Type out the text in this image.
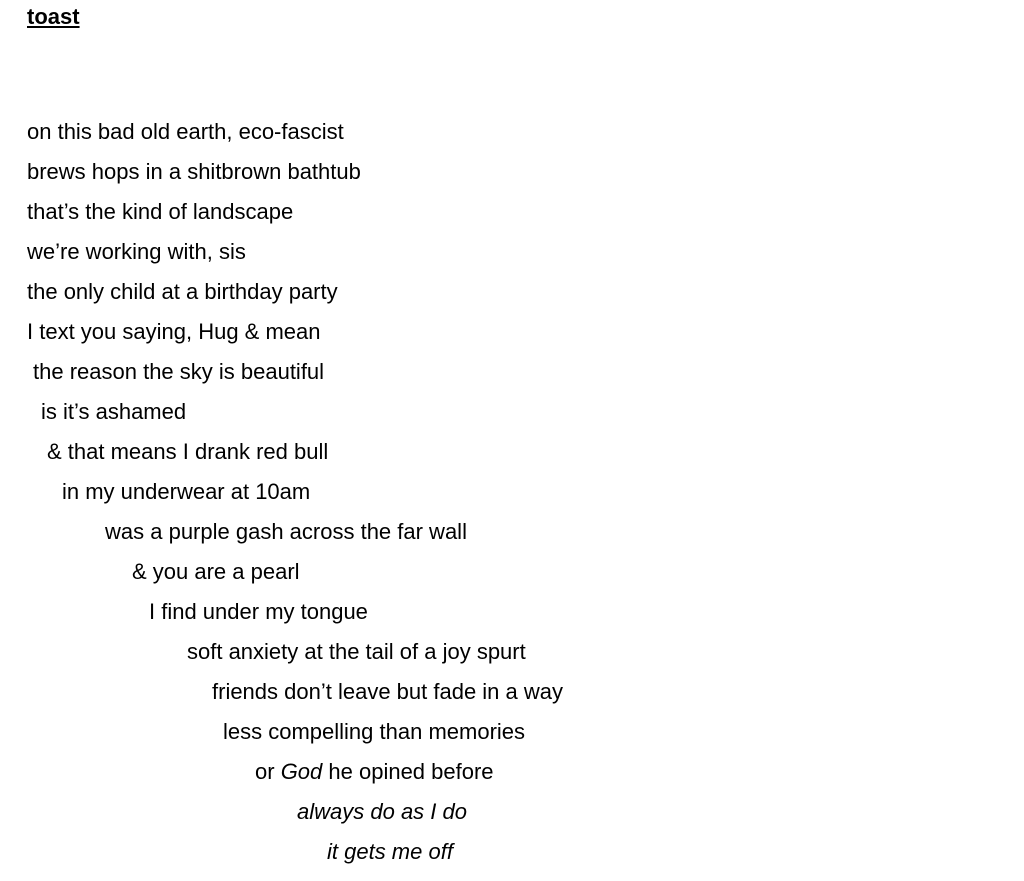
toast
on this bad old earth, eco-fascist
brews hops in a shitbrown bathtub
that’s the kind of landscape
we’re working with, sis
the only child at a birthday party
I text you saying, Hug & mean
the reason the sky is beautiful
is it’s ashamed
& that means I drank red bull
in my underwear at 10am
was a purple gash across the far wall
& you are a pearl
I find under my tongue
soft anxiety at the tail of a joy spurt
friends don’t leave but fade in a way
less compelling than memories
or God he opined before
always do as I do
it gets me off
